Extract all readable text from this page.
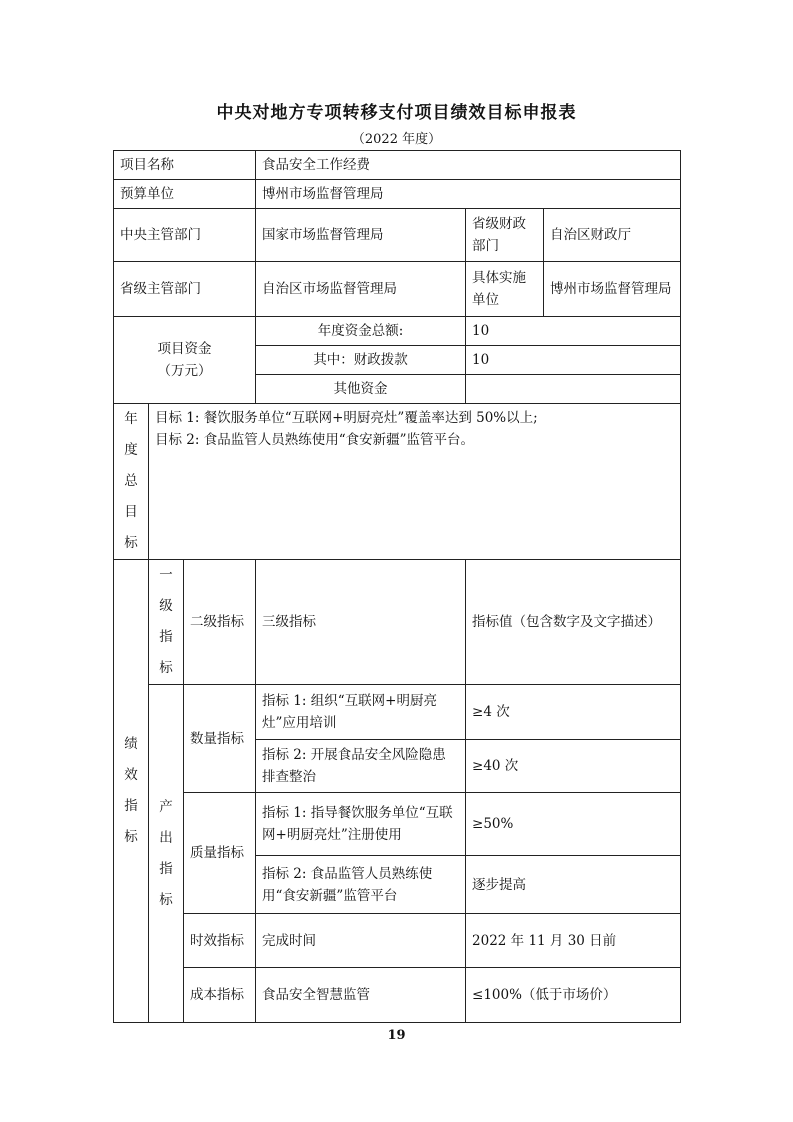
中央对地方专项转移支付项目绩效目标申报表
（2022 年度）
项目名称			食品安全工作经费		
预算单位			博州市场监督管理局		
中央主管部门			国家市场监督管理局	省级财政部门	自治区财政厅
省级主管部门			自治区市场监督管理局	具体实施单位	博州市场监督管理局

项目资金
（万元）			年度资金总额:	10	
			其中：财政拨款	10	
			其他资金		

年度总目标	目标 1: 餐饮服务单位“互联网+明厨亮灶”覆盖率达到 50%以上;
目标 2: 食品监管人员熟练使用“食安新疆”监管平台。				

绩效指标	一级指标	二级指标	三级指标	指标值（包含数字及文字描述）	

	产出指标	数量指标	指标 1: 组织“互联网+明厨亮灶”应用培训	≥4 次	
			指标 2: 开展食品安全风险隐患排查整治	≥40 次	
		质量指标	指标 1: 指导餐饮服务单位“互联网+明厨亮灶”注册使用	≥50%	
			指标 2: 食品监管人员熟练使用“食安新疆”监管平台	逐步提高	
		时效指标	完成时间	2022 年 11 月 30 日前	
		成本指标	食品安全智慧监管	≤100%（低于市场价）	
19
